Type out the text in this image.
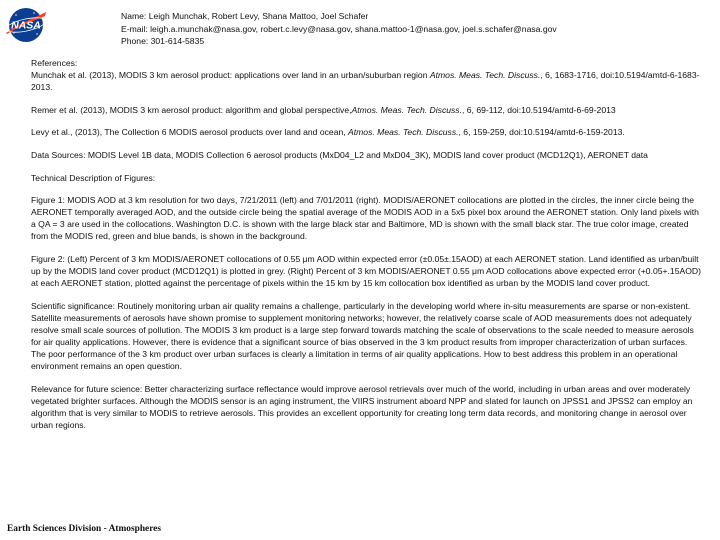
NASA
Name: Leigh Munchak, Robert Levy, Shana Mattoo, Joel Schafer
E-mail: leigh.a.munchak@nasa.gov, robert.c.levy@nasa.gov, shana.mattoo-1@nasa.gov, joel.s.schafer@nasa.gov
Phone: 301-614-5835

References:

Munchak et al. (2013), MODIS 3 km aerosol product: applications over land in an urban/suburban region Atmos. Meas. Tech. Discuss., 6, 1683-1716, doi:10.5194/amtd-6-1683-2013.

Remer et al. (2013), MODIS 3 km aerosol product: algorithm and global perspective,Atmos. Meas. Tech. Discuss., 6, 69-112, doi:10.5194/amtd-6-69-2013

Levy et al., (2013), The Collection 6 MODIS aerosol products over land and ocean, Atmos. Meas. Tech. Discuss., 6, 159-259, doi:10.5194/amtd-6-159-2013.

Data Sources: MODIS Level 1B data, MODIS Collection 6 aerosol products (MxD04_L2 and MxD04_3K), MODIS land cover product (MCD12Q1), AERONET data

Technical Description of Figures:

Figure 1: MODIS AOD at 3 km resolution for two days, 7/21/2011 (left) and 7/01/2011 (right). MODIS/AERONET collocations are plotted in the circles, the inner circle being the AERONET temporally averaged AOD, and the outside circle being the spatial average of the MODIS AOD in a 5x5 pixel box around the AERONET station. Only land pixels with a QA = 3 are used in the collocations. Washington D.C. is shown with the large black star and Baltimore, MD is shown with the small black star. The true color image, created from the MODIS red, green and blue bands, is shown in the background.

Figure 2: (Left) Percent of 3 km MODIS/AERONET collocations of 0.55 μm AOD within expected error (±0.05±.15AOD) at each AERONET station. Land identified as urban/built up by the MODIS land cover product (MCD12Q1) is plotted in grey. (Right) Percent of 3 km MODIS/AERONET 0.55 μm AOD collocations above expected error (+0.05+.15AOD) at each AERONET station, plotted against the percentage of pixels within the 15 km by 15 km collocation box identified as urban by the MODIS land cover product.

Scientific significance: Routinely monitoring urban air quality remains a challenge, particularly in the developing world where in-situ measurements are sparse or non-existent. Satellite measurements of aerosols have shown promise to supplement monitoring networks; however, the relatively coarse scale of AOD measurements does not adequately resolve small scale sources of pollution. The MODIS 3 km product is a large step forward towards matching the scale of observations to the scale needed to measure aerosols for air quality applications. However, there is evidence that a significant source of bias observed in the 3 km product results from improper characterization of urban surfaces. The poor performance of the 3 km product over urban surfaces is clearly a limitation in terms of air quality applications. How to best address this problem in an operational environment remains an open question.

Relevance for future science: Better characterizing surface reflectance would improve aerosol retrievals over much of the world, including in urban areas and over moderately vegetated brighter surfaces. Although the MODIS sensor is an aging instrument, the VIIRS instrument aboard NPP and slated for launch on JPSS1 and JPSS2 can employ an algorithm that is very similar to MODIS to retrieve aerosols. This provides an excellent opportunity for creating long term data records, and monitoring change in aerosol over urban regions.

Earth Sciences Division - Atmospheres
